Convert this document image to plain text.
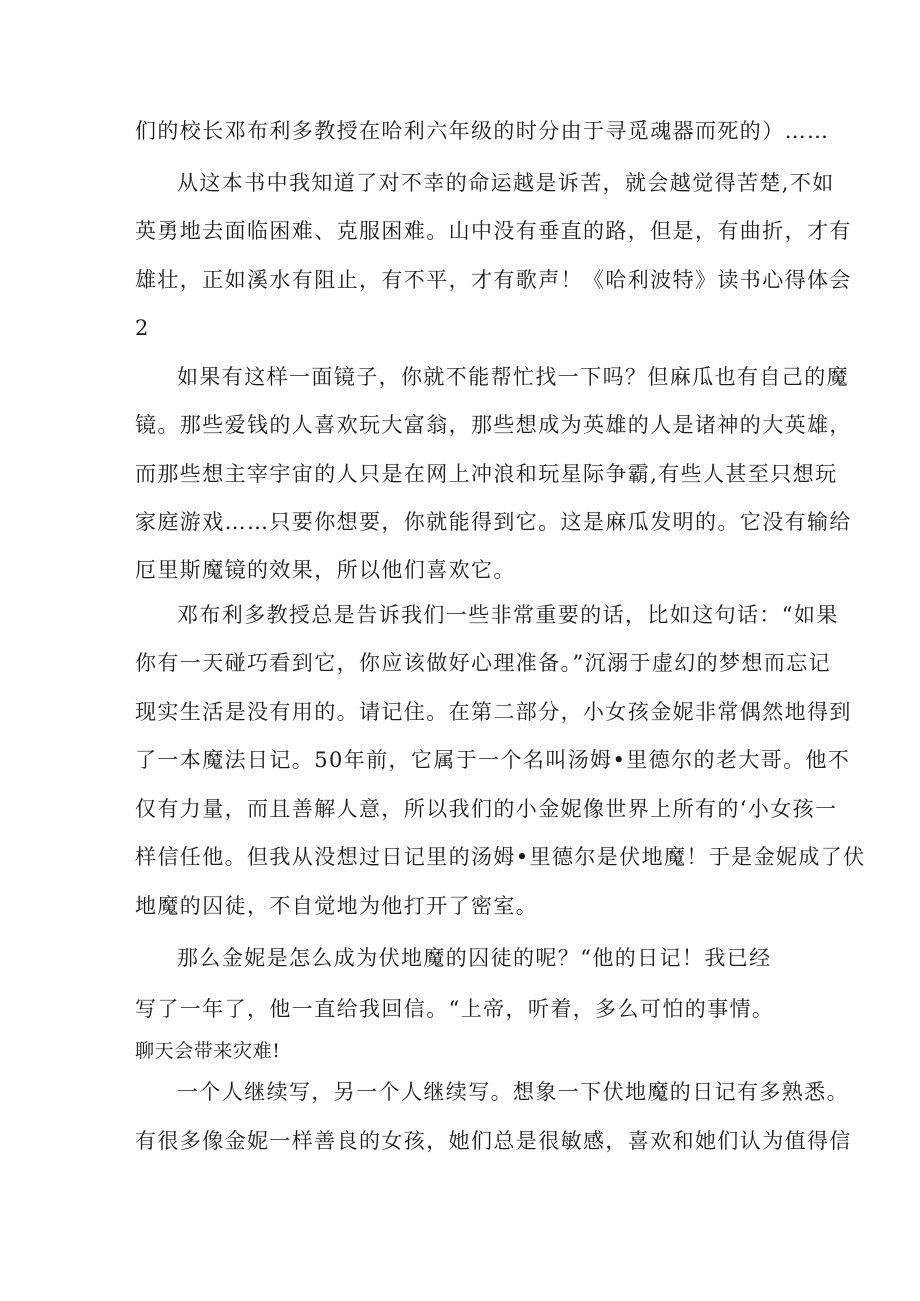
们的校长邓布利多教授在哈利六年级的时分由于寻觅魂器而死的）……
从这本书中我知道了对不幸的命运越是诉苦，就会越觉得苦楚,不如
英勇地去面临困难、克服困难。山中没有垂直的路，但是，有曲折，才有
雄壮，正如溪水有阻止，有不平，才有歌声！《哈利波特》读书心得体会
2
如果有这样一面镜子，你就不能帮忙找一下吗？但麻瓜也有自己的魔
镜。那些爱钱的人喜欢玩大富翁，那些想成为英雄的人是诸神的大英雄，
而那些想主宰宇宙的人只是在网上冲浪和玩星际争霸,有些人甚至只想玩
家庭游戏……只要你想要，你就能得到它。这是麻瓜发明的。它没有输给
厄里斯魔镜的效果，所以他们喜欢它。
邓布利多教授总是告诉我们一些非常重要的话，比如这句话：“如果
你有一天碰巧看到它，你应该做好心理准备。”沉溺于虚幻的梦想而忘记
现实生活是没有用的。请记住。在第二部分，小女孩金妮非常偶然地得到
了一本魔法日记。50年前，它属于一个名叫汤姆•里德尔的老大哥。他不
仅有力量，而且善解人意，所以我们的小金妮像世界上所有的‘小女孩一
样信任他。但我从没想过日记里的汤姆•里德尔是伏地魔！于是金妮成了伏
地魔的囚徒，不自觉地为他打开了密室。
那么金妮是怎么成为伏地魔的囚徒的呢？“他的日记！我已经
写了一年了，他一直给我回信。“上帝，听着，多么可怕的事情。
聊天会带来灾难!
一个人继续写，另一个人继续写。想象一下伏地魔的日记有多熟悉。
有很多像金妮一样善良的女孩，她们总是很敏感，喜欢和她们认为值得信
